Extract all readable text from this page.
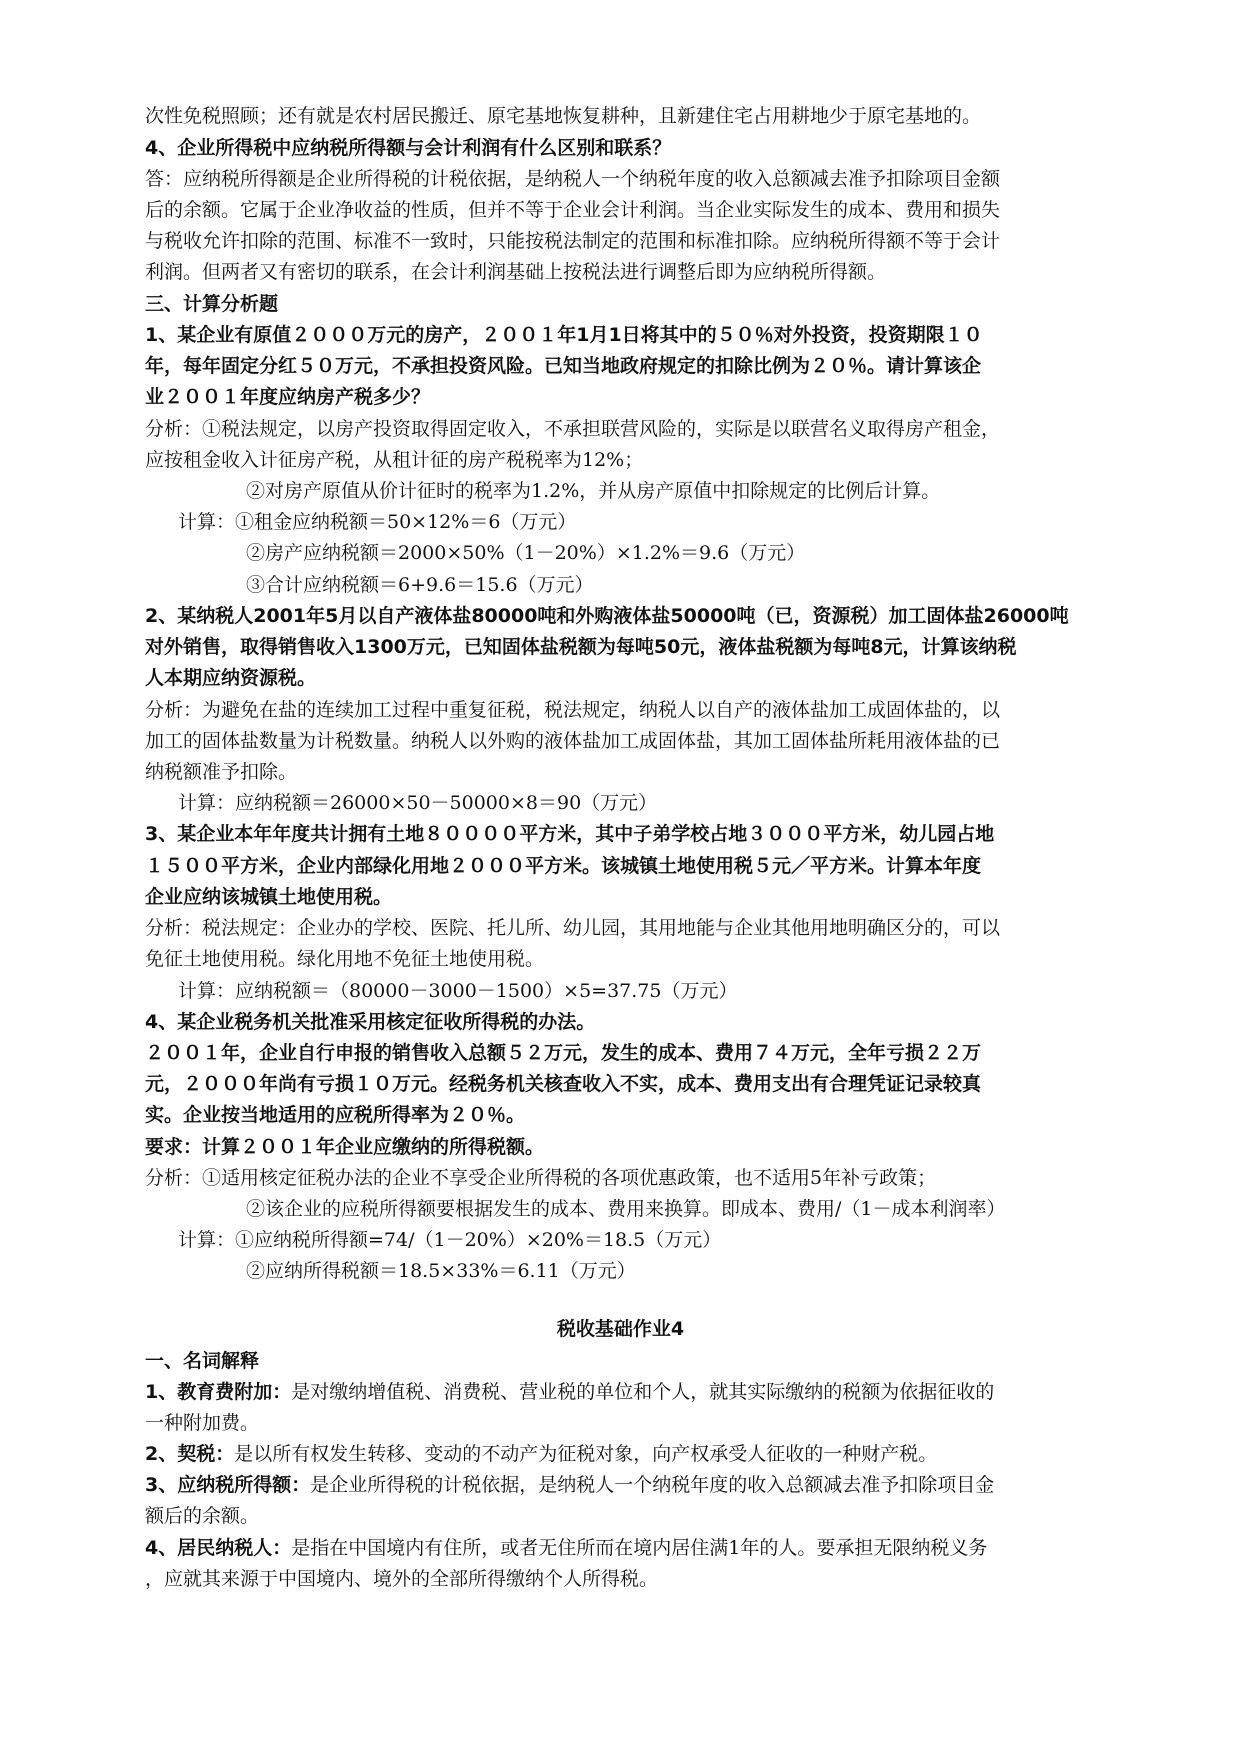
次性免税照顾；还有就是农村居民搬迁、原宅基地恢复耕种，且新建住宅占用耕地少于原宅基地的。
4、企业所得税中应纳税所得额与会计利润有什么区别和联系？
答：应纳税所得额是企业所得税的计税依据，是纳税人一个纳税年度的收入总额减去准予扣除项目金额
后的余额。它属于企业净收益的性质，但并不等于企业会计利润。当企业实际发生的成本、费用和损失
与税收允许扣除的范围、标准不一致时，只能按税法制定的范围和标准扣除。应纳税所得额不等于会计
利润。但两者又有密切的联系，在会计利润基础上按税法进行调整后即为应纳税所得额。
三、计算分析题
1、某企业有原值２０００万元的房产，２００１年1月1日将其中的５０％对外投资，投资期限１０
年，每年固定分红５０万元，不承担投资风险。已知当地政府规定的扣除比例为２０％。请计算该企
业２００１年度应纳房产税多少？
分析：①税法规定，以房产投资取得固定收入，不承担联营风险的，实际是以联营名义取得房产租金，
应按租金收入计征房产税，从租计征的房产税税率为12%；
②对房产原值从价计征时的税率为1.2%，并从房产原值中扣除规定的比例后计算。
计算：①租金应纳税额＝50×12%＝6（万元）
②房产应纳税额＝2000×50%（1－20%）×1.2%＝9.6（万元）
③合计应纳税额＝6+9.6＝15.6（万元）
2、某纳税人2001年5月以自产液体盐80000吨和外购液体盐50000吨（已，资源税）加工固体盐26000吨
对外销售，取得销售收入1300万元，已知固体盐税额为每吨50元，液体盐税额为每吨8元，计算该纳税
人本期应纳资源税。
分析：为避免在盐的连续加工过程中重复征税，税法规定，纳税人以自产的液体盐加工成固体盐的，以
加工的固体盐数量为计税数量。纳税人以外购的液体盐加工成固体盐，其加工固体盐所耗用液体盐的已
纳税额准予扣除。
计算：应纳税额＝26000×50－50000×8＝90（万元）
3、某企业本年年度共计拥有土地８００００平方米，其中子弟学校占地３０００平方米，幼儿园占地
１５００平方米，企业内部绿化用地２０００平方米。该城镇土地使用税５元／平方米。计算本年度
企业应纳该城镇土地使用税。
分析：税法规定：企业办的学校、医院、托儿所、幼儿园，其用地能与企业其他用地明确区分的，可以
免征土地使用税。绿化用地不免征土地使用税。
计算：应纳税额＝（80000－3000－1500）×5=37.75（万元）
4、某企业税务机关批准采用核定征收所得税的办法。
２００１年，企业自行申报的销售收入总额５２万元，发生的成本、费用７４万元，全年亏损２２万
元，２０００年尚有亏损１０万元。经税务机关核查收入不实，成本、费用支出有合理凭证记录较真
实。企业按当地适用的应税所得率为２０％。
要求：计算２００１年企业应缴纳的所得税额。
分析：①适用核定征税办法的企业不享受企业所得税的各项优惠政策，也不适用5年补亏政策；
②该企业的应税所得额要根据发生的成本、费用来换算。即成本、费用/（1－成本利润率）
计算：①应纳税所得额=74/（1－20%）×20%＝18.5（万元）
②应纳所得税额＝18.5×33%＝6.11（万元）
税收基础作业4
一、名词解释
1、教育费附加：是对缴纳增值税、消费税、营业税的单位和个人，就其实际缴纳的税额为依据征收的
一种附加费。
2、契税：是以所有权发生转移、变动的不动产为征税对象，向产权承受人征收的一种财产税。
3、应纳税所得额：是企业所得税的计税依据，是纳税人一个纳税年度的收入总额减去准予扣除项目金
额后的余额。
4、居民纳税人：是指在中国境内有住所，或者无住所而在境内居住满1年的人。要承担无限纳税义务
，应就其来源于中国境内、境外的全部所得缴纳个人所得税。
